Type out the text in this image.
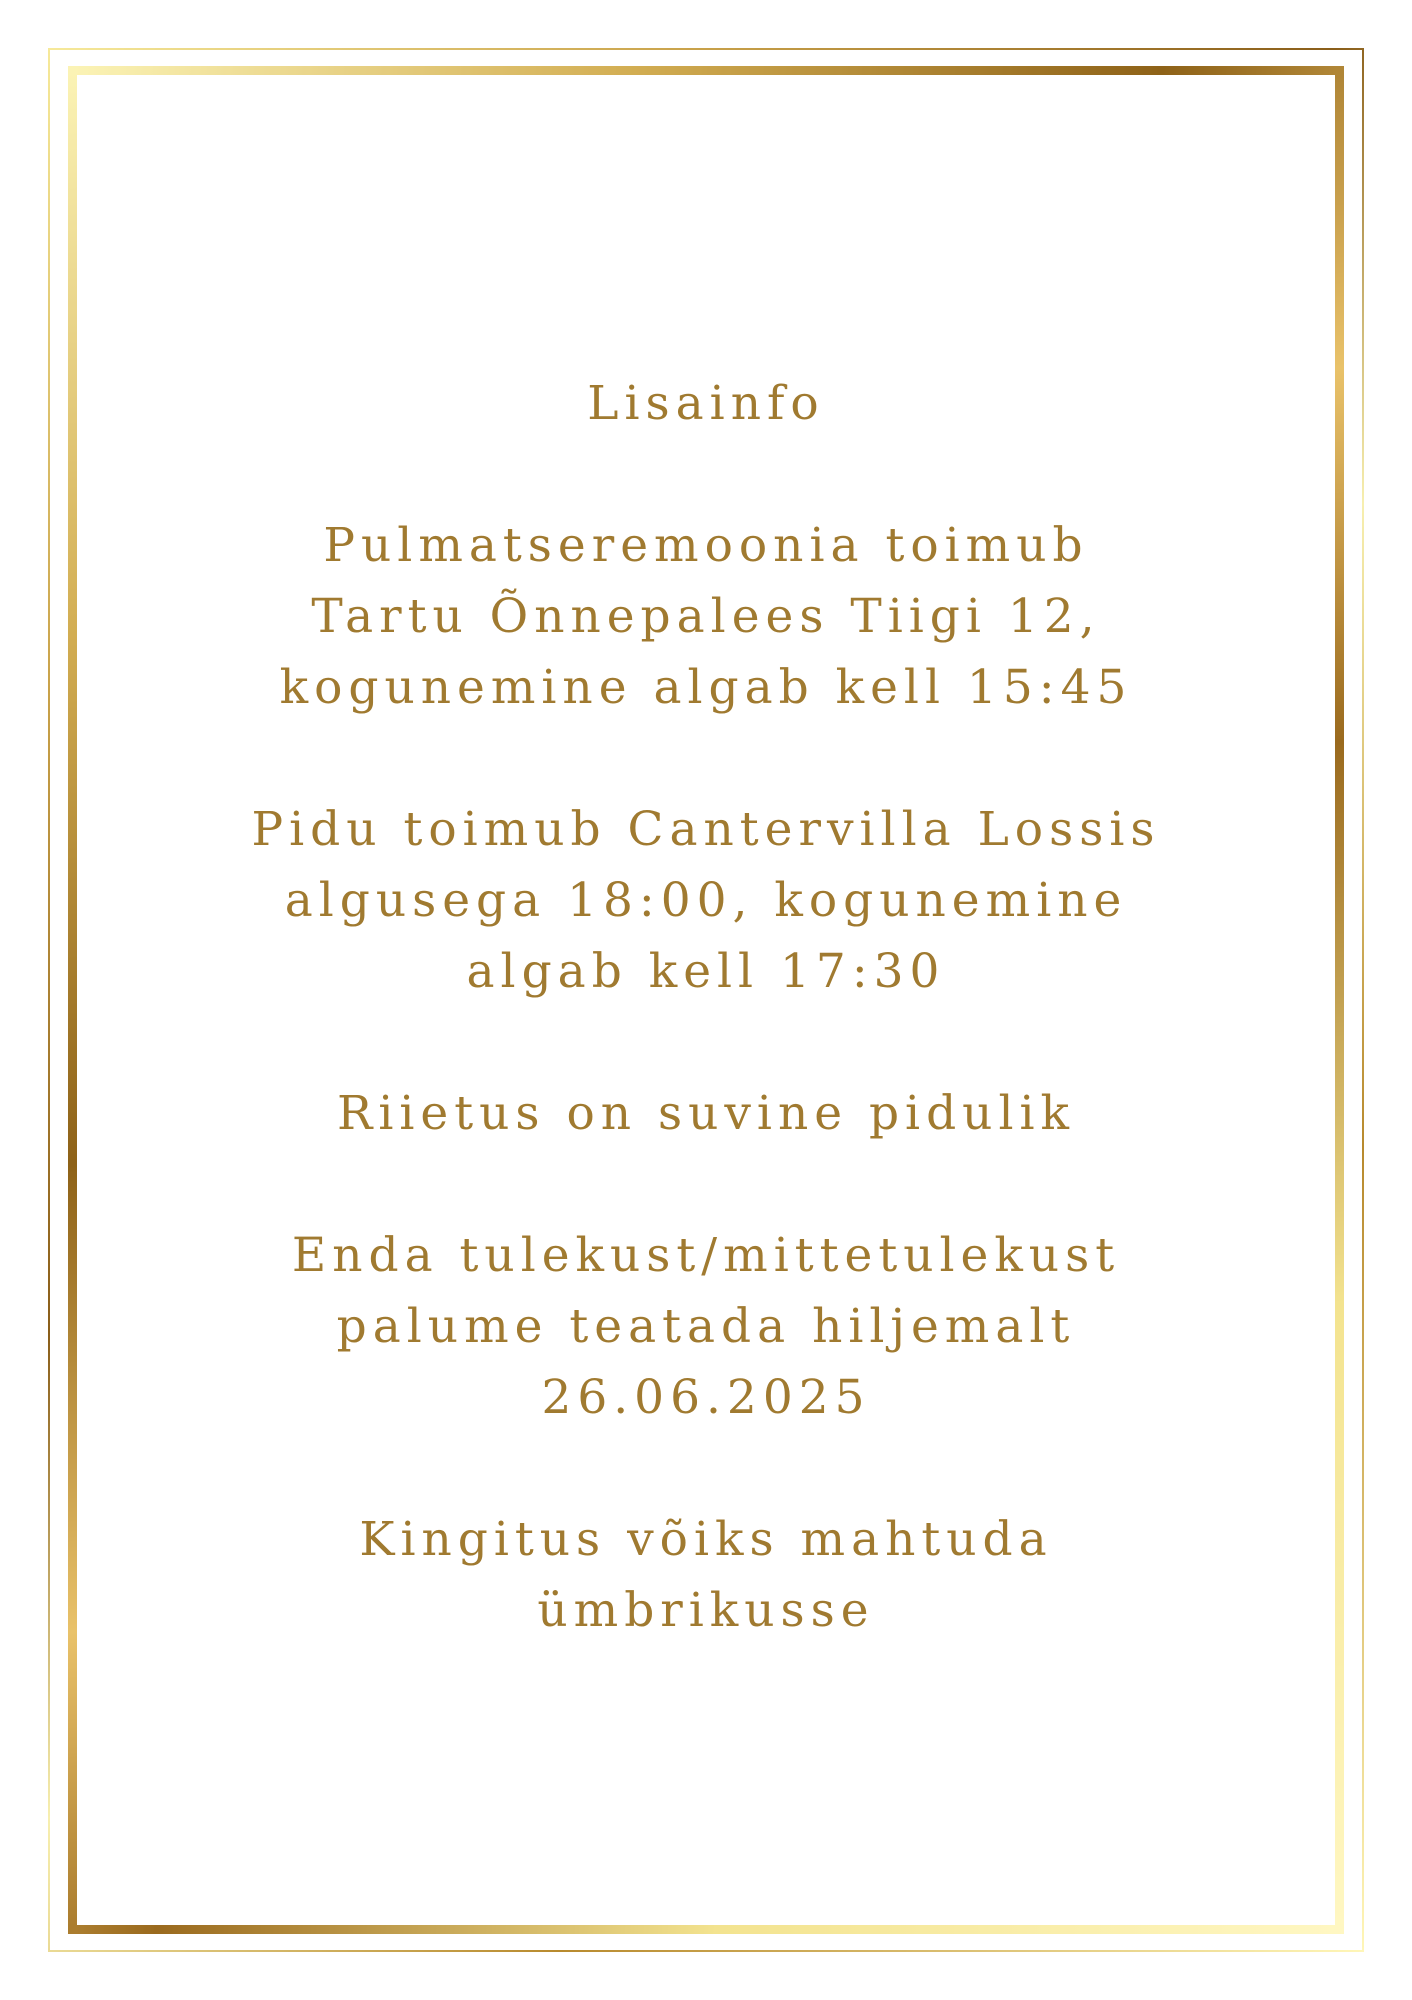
Lisainfo
Pulmatseremoonia toimub
Tartu Õnnepalees Tiigi 12,
kogunemine algab kell 15:45
Pidu toimub Cantervilla Lossis
algusega 18:00, kogunemine
algab kell 17:30
Riietus on suvine pidulik
Enda tulekust/mittetulekust
palume teatada hiljemalt
26.06.2025
Kingitus võiks mahtuda
ümbrikusse
